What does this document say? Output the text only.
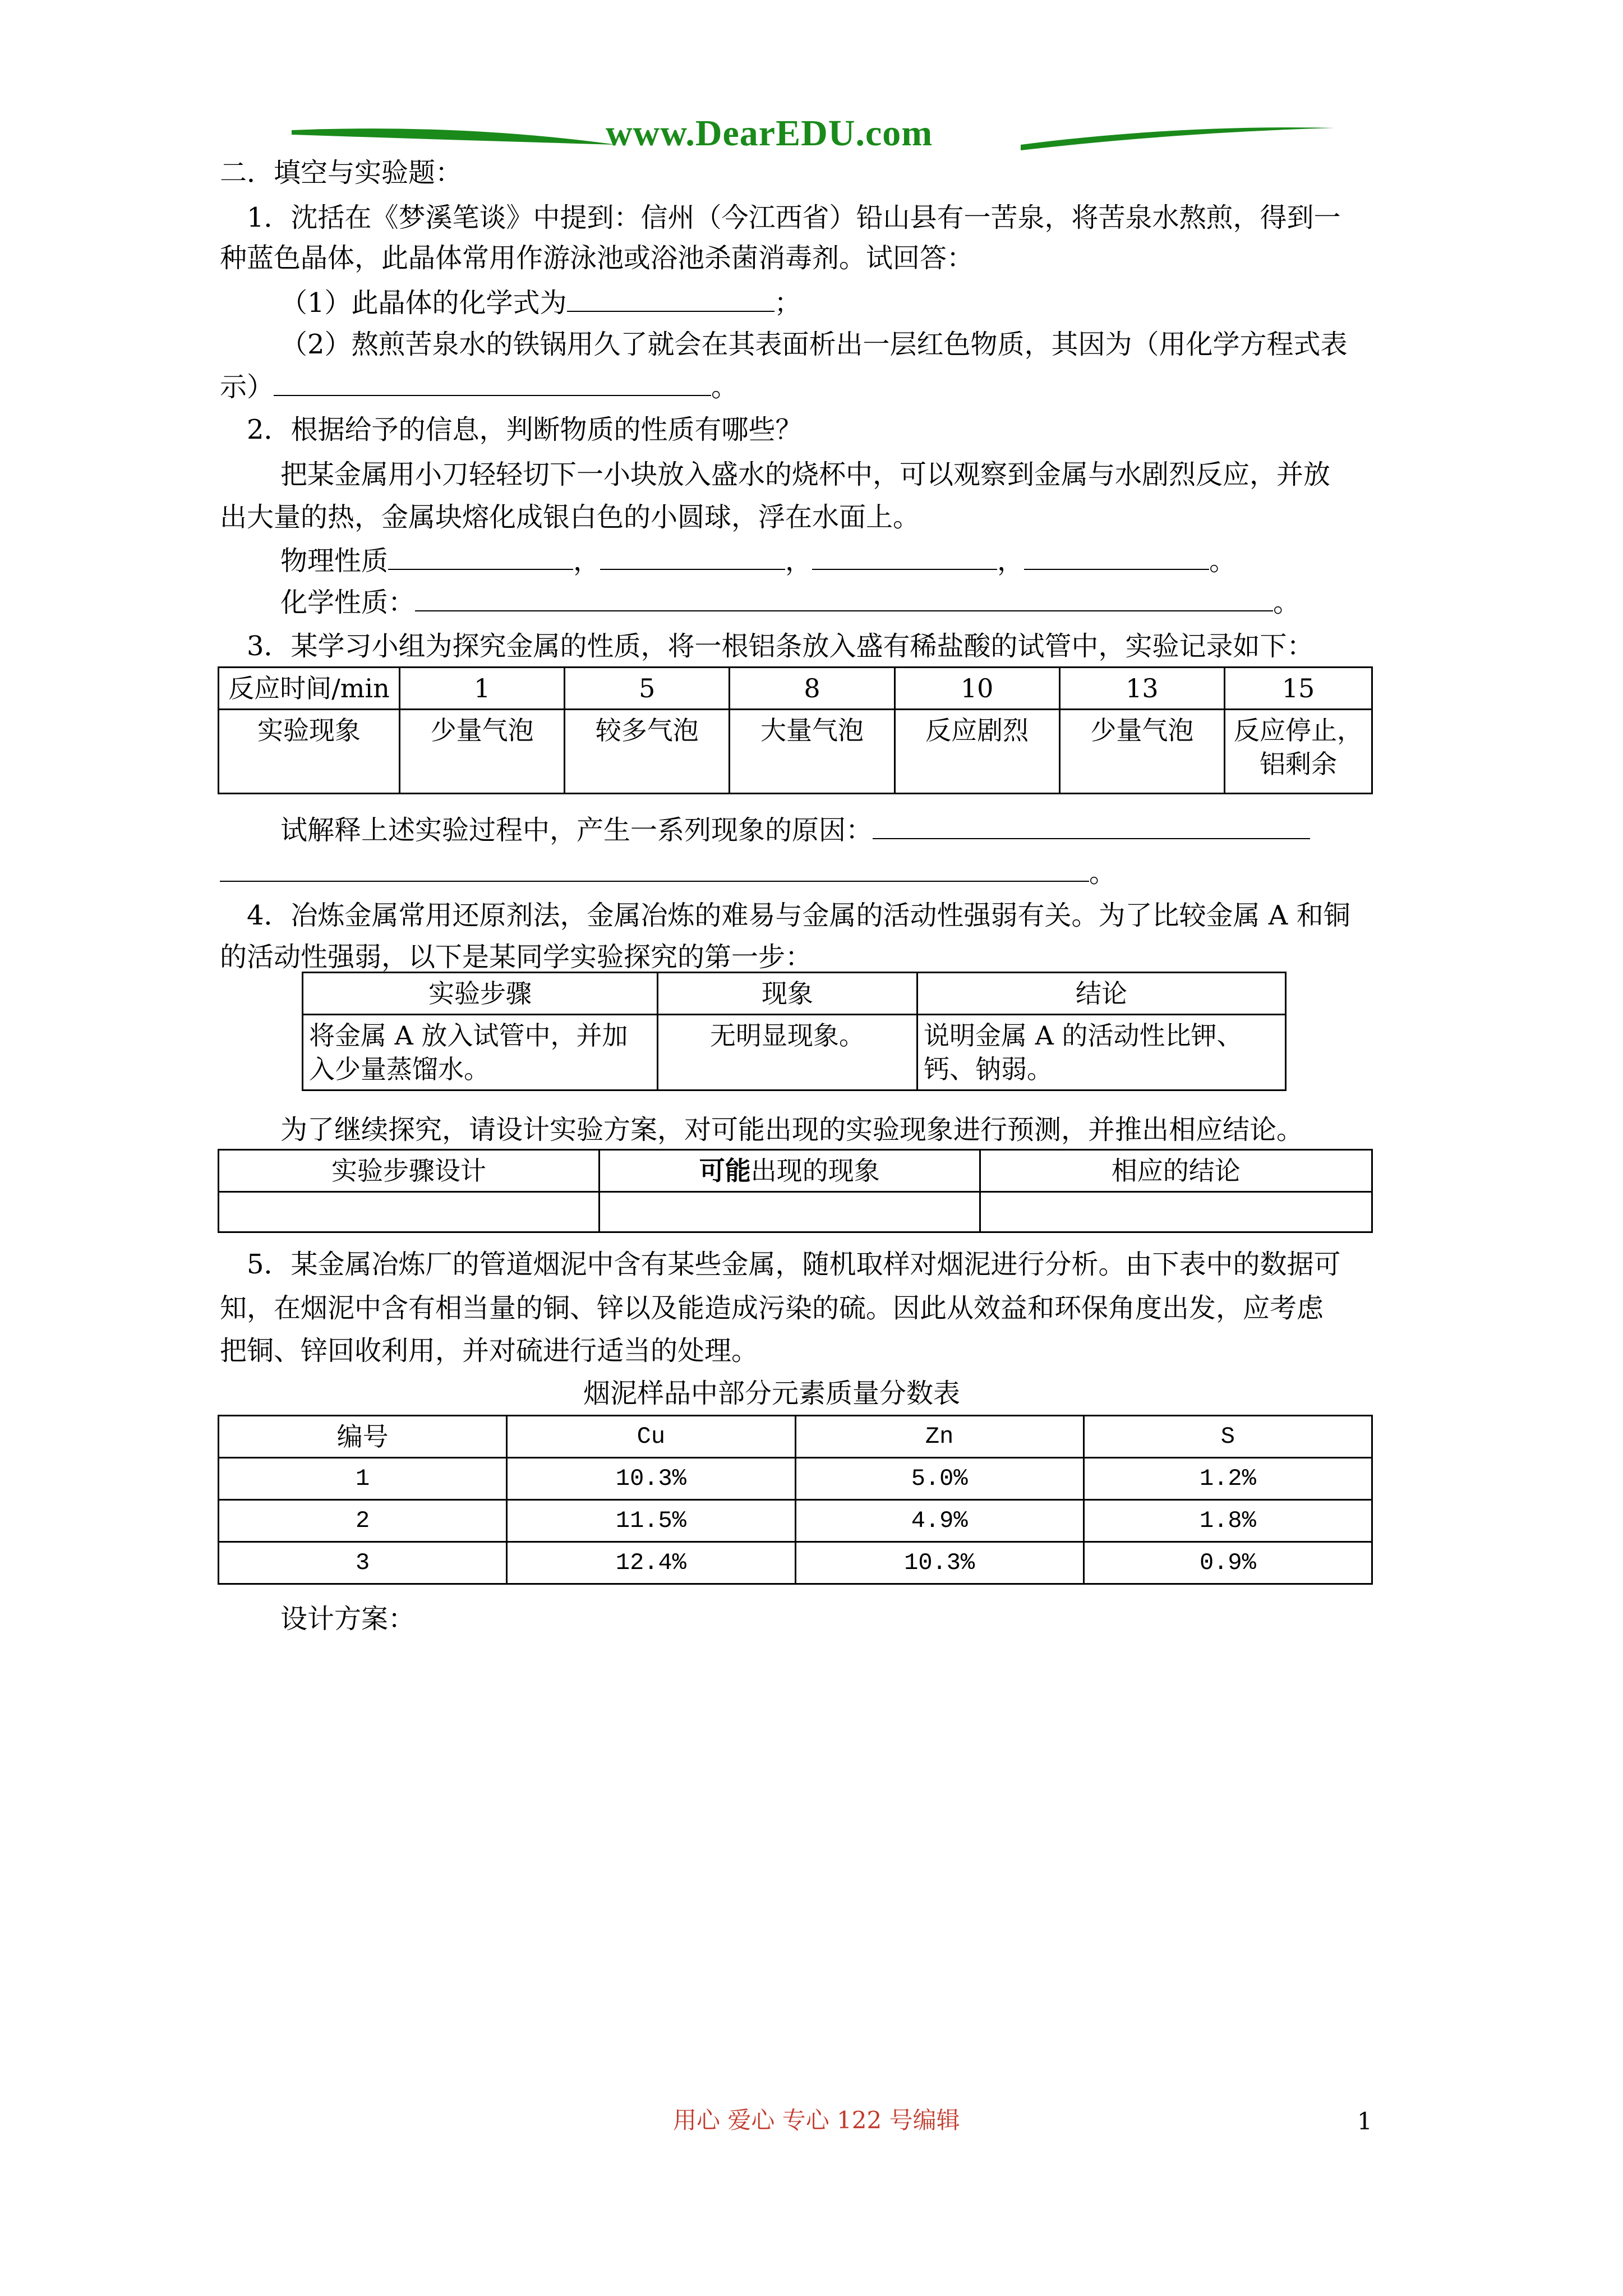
www.DearEDU.com
二．填空与实验题：
1．沈括在《梦溪笔谈》中提到：信州（今江西省）铅山县有一苦泉，将苦泉水熬煎，得到一
种蓝色晶体，此晶体常用作游泳池或浴池杀菌消毒剂。试回答：
（1）此晶体的化学式为	；
（2）熬煎苦泉水的铁锅用久了就会在其表面析出一层红色物质，其因为（用化学方程式表
示）	。
2．根据给予的信息，判断物质的性质有哪些？
把某金属用小刀轻轻切下一小块放入盛水的烧杯中，可以观察到金属与水剧烈反应，并放
出大量的热，金属块熔化成银白色的小圆球，浮在水面上。
物理性质	，	，	，	。
化学性质：	。
3．某学习小组为探究金属的性质，将一根铝条放入盛有稀盐酸的试管中，实验记录如下：
反应时间/min	1	5	8	10	13	15
实验现象	少量气泡	较多气泡	大量气泡	反应剧烈	少量气泡	反应停止，铝剩余
试解释上述实验过程中，产生一系列现象的原因：
。
4．冶炼金属常用还原剂法，金属冶炼的难易与金属的活动性强弱有关。为了比较金属 A 和铜
的活动性强弱，以下是某同学实验探究的第一步：
实验步骤	现象	结论
将金属 A 放入试管中，并加入少量蒸馏水。	无明显现象。	说明金属 A 的活动性比钾、钙、钠弱。
为了继续探究，请设计实验方案，对可能出现的实验现象进行预测，并推出相应结论。
实验步骤设计	可能出现的现象	相应的结论

5．某金属冶炼厂的管道烟泥中含有某些金属，随机取样对烟泥进行分析。由下表中的数据可
知，在烟泥中含有相当量的铜、锌以及能造成污染的硫。因此从效益和环保角度出发，应考虑
把铜、锌回收利用，并对硫进行适当的处理。
烟泥样品中部分元素质量分数表
编号	Cu	Zn	S
1	10.3%	5.0%	1.2%
2	11.5%	4.9%	1.8%
3	12.4%	10.3%	0.9%
设计方案：
用心 爱心 专心 122 号编辑	1
